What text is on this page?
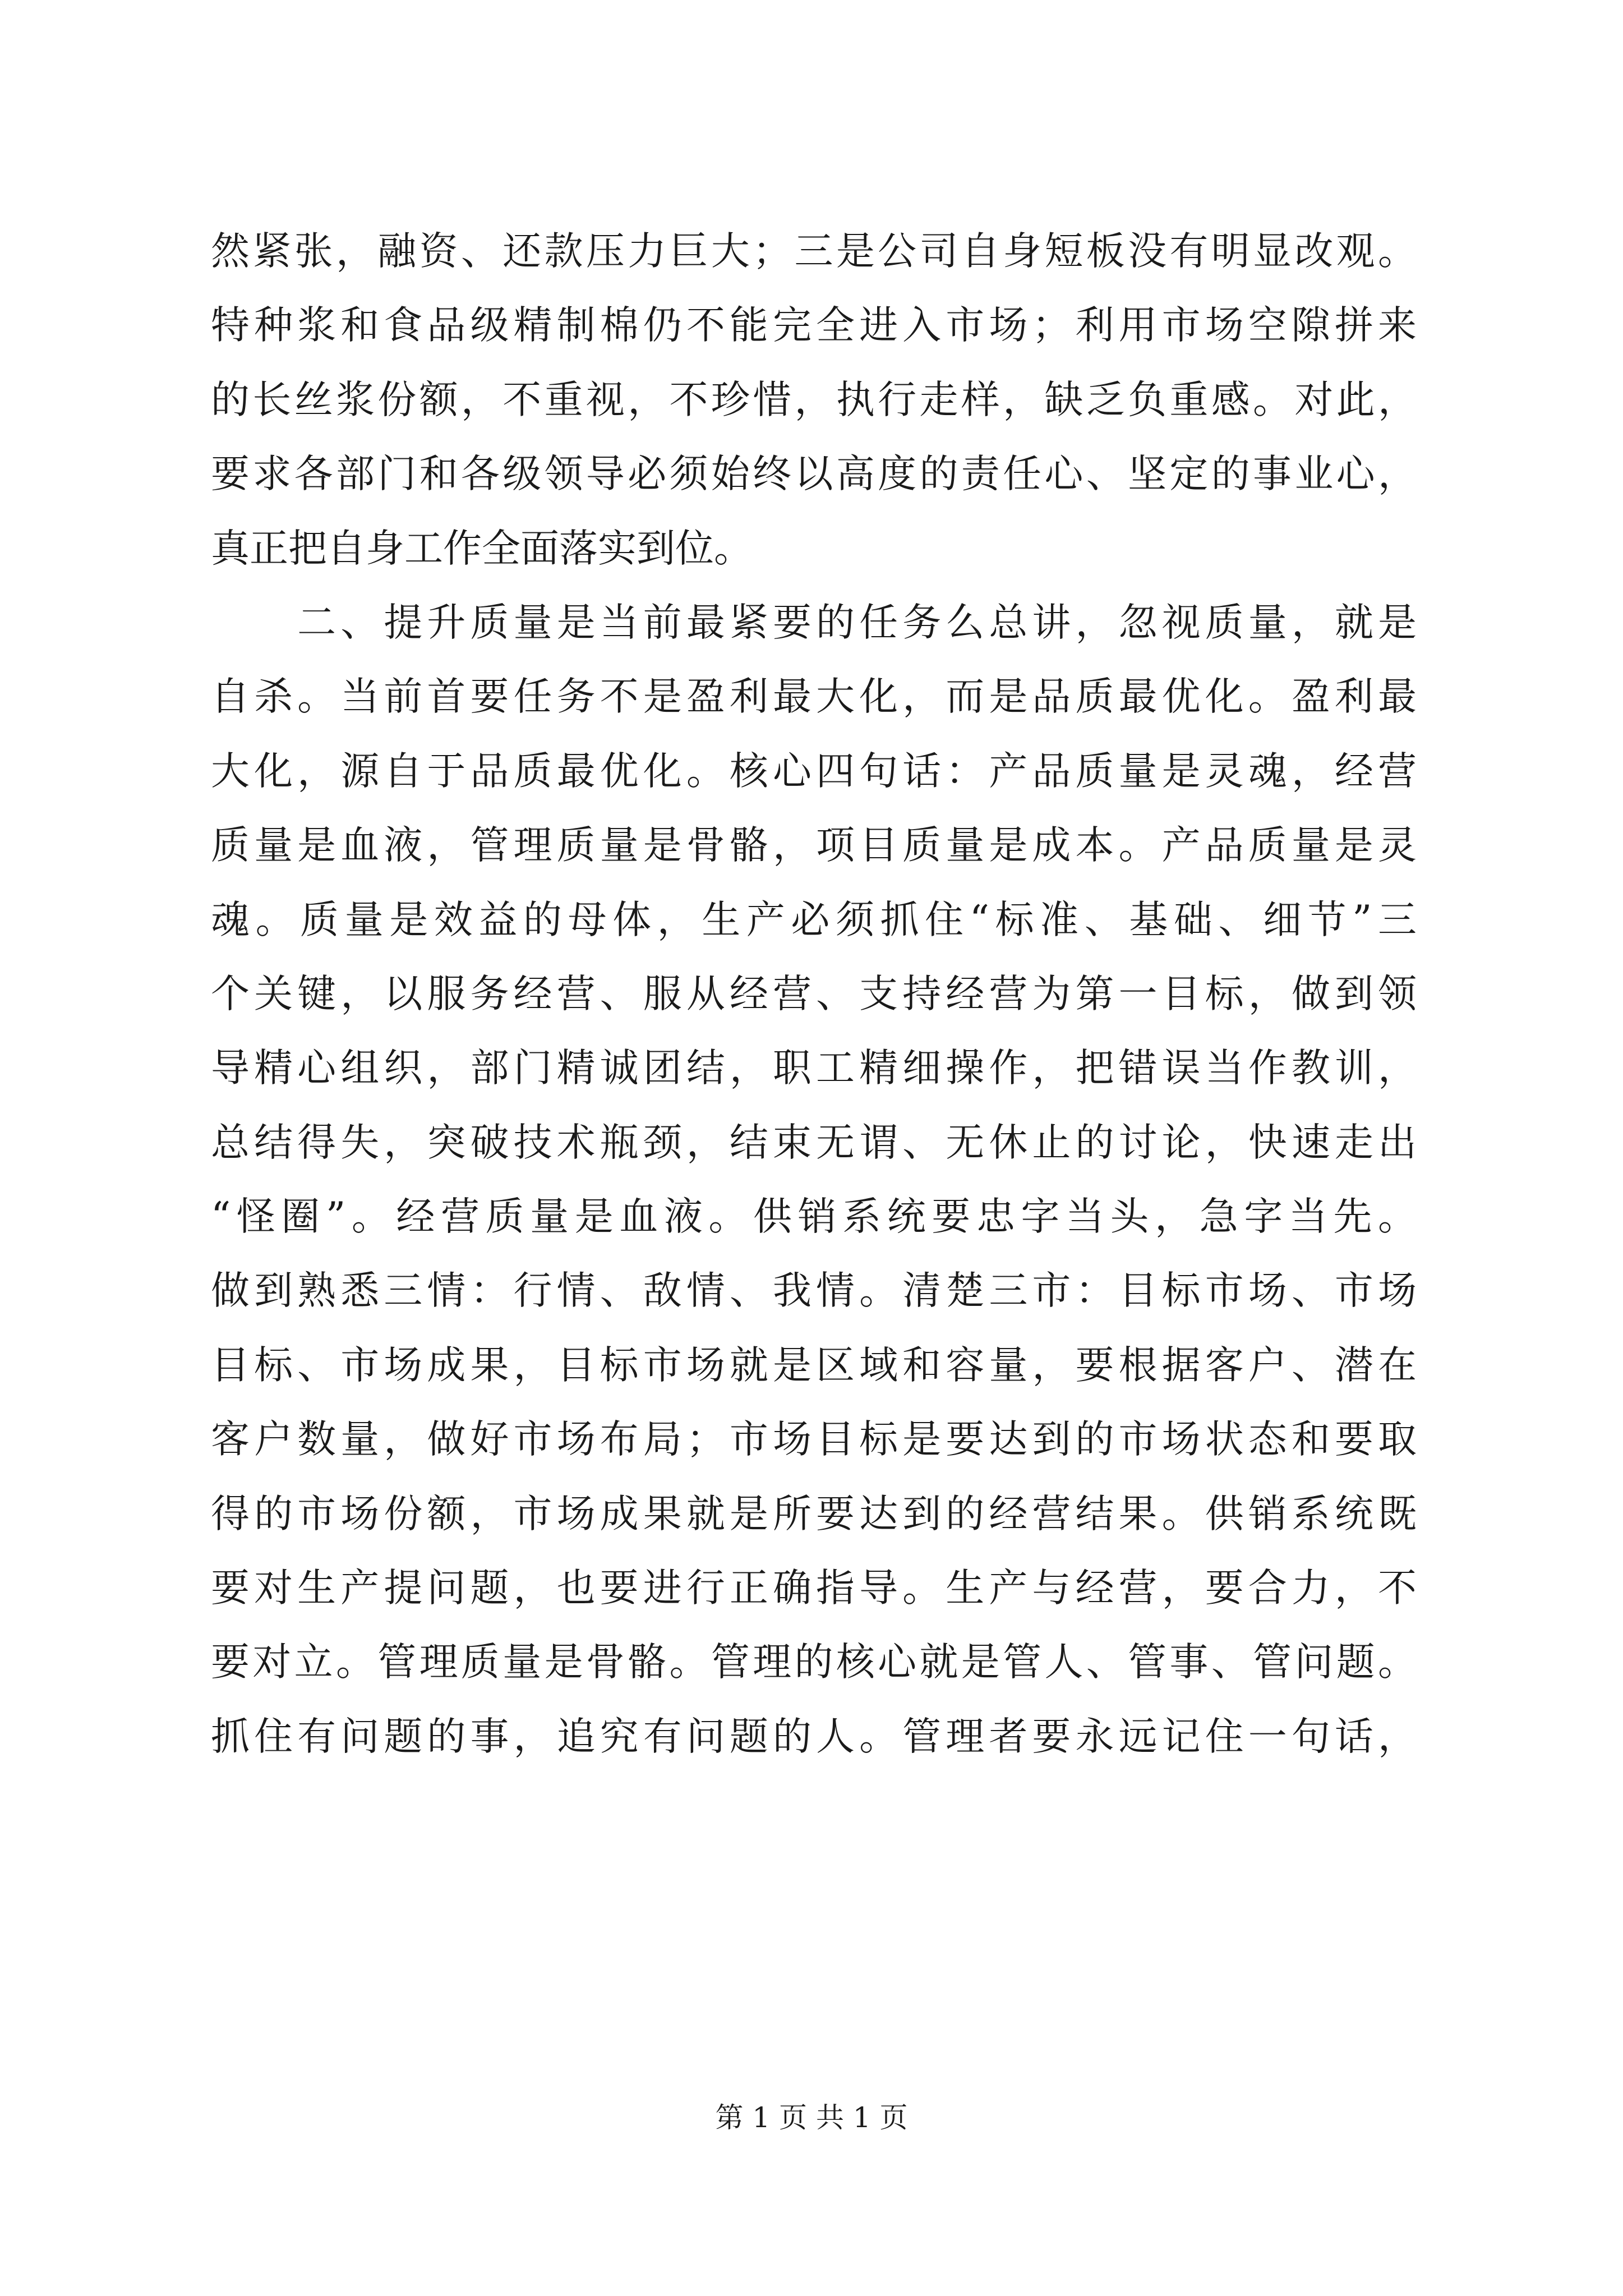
然紧张，融资、还款压力巨大；三是公司自身短板没有明显改观。
特种浆和食品级精制棉仍不能完全进入市场；利用市场空隙拼来
的长丝浆份额，不重视，不珍惜，执行走样，缺乏负重感。对此，
要求各部门和各级领导必须始终以高度的责任心、坚定的事业心，
真正把自身工作全面落实到位。
　　二、提升质量是当前最紧要的任务么总讲，忽视质量，就是
自杀。当前首要任务不是盈利最大化，而是品质最优化。盈利最
大化，源自于品质最优化。核心四句话：产品质量是灵魂，经营
质量是血液，管理质量是骨骼，项目质量是成本。产品质量是灵
魂。质量是效益的母体，生产必须抓住“标准、基础、细节”三
个关键，以服务经营、服从经营、支持经营为第一目标，做到领
导精心组织，部门精诚团结，职工精细操作，把错误当作教训，
总结得失，突破技术瓶颈，结束无谓、无休止的讨论，快速走出
“怪圈”。经营质量是血液。供销系统要忠字当头，急字当先。
做到熟悉三情：行情、敌情、我情。清楚三市：目标市场、市场
目标、市场成果，目标市场就是区域和容量，要根据客户、潜在
客户数量，做好市场布局；市场目标是要达到的市场状态和要取
得的市场份额，市场成果就是所要达到的经营结果。供销系统既
要对生产提问题，也要进行正确指导。生产与经营，要合力，不
要对立。管理质量是骨骼。管理的核心就是管人、管事、管问题。
抓住有问题的事，追究有问题的人。管理者要永远记住一句话，
第 1 页 共 1 页
